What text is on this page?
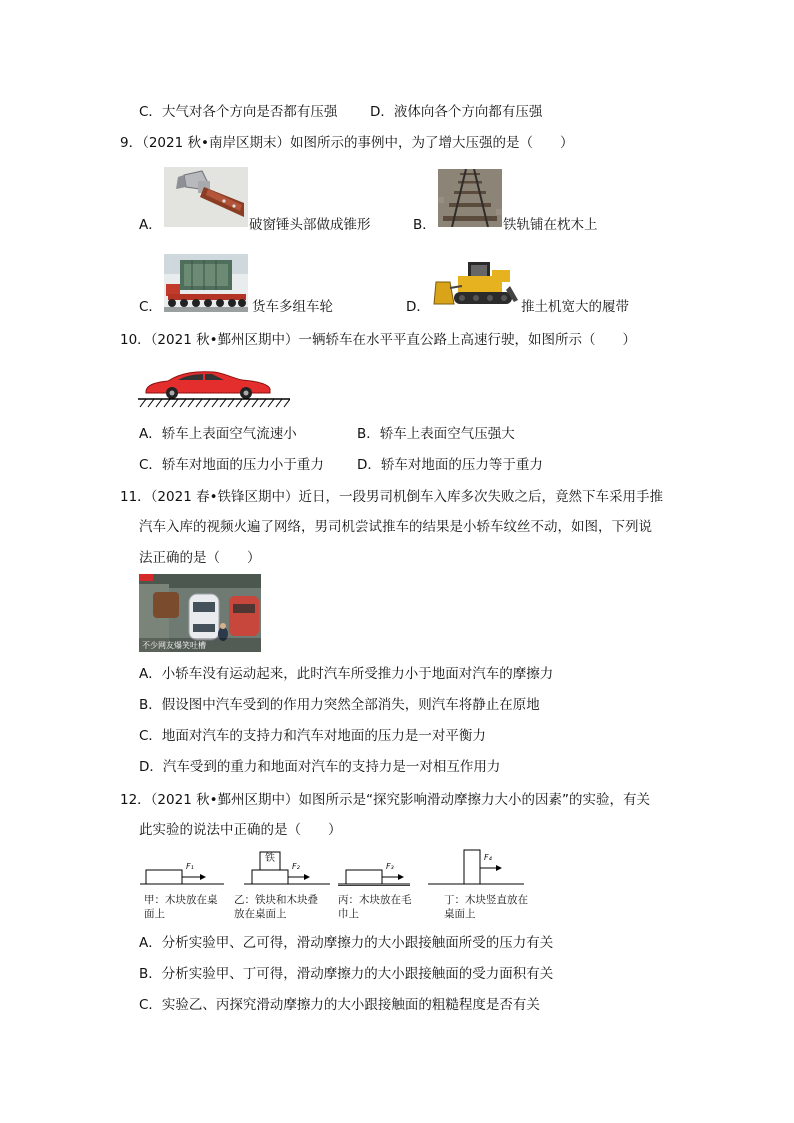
C．大气对各个方向是否都有压强 D．液体向各个方向都有压强
9．（2021 秋•南岸区期末）如图所示的事例中，为了增大压强的是（　　）
A．	破窗锤头部做成锥形	B．	铁轨铺在枕木上
C．	货车多组车轮	D．	推土机宽大的履带
10．（2021 秋•鄞州区期中）一辆轿车在水平平直公路上高速行驶，如图所示（　　）
A．轿车上表面空气流速小	B．轿车上表面空气压强大
C．轿车对地面的压力小于重力 D．轿车对地面的压力等于重力
11．（2021 春•铁锋区期中）近日，一段男司机倒车入库多次失败之后，竟然下车采用手推
汽车入库的视频火遍了网络，男司机尝试推车的结果是小轿车纹丝不动，如图，下列说
法正确的是（　　）
不少网友爆笑吐槽
A．小轿车没有运动起来，此时汽车所受推力小于地面对汽车的摩擦力
B．假设图中汽车受到的作用力突然全部消失，则汽车将静止在原地
C．地面对汽车的支持力和汽车对地面的压力是一对平衡力
D．汽车受到的重力和地面对汽车的支持力是一对相互作用力
12．（2021 秋•鄞州区期中）如图所示是“探究影响滑动摩擦力大小的因素”的实验，有关
此实验的说法中正确的是（　　）
铁
F₁	F₂	F₃
F₄
甲：木块放在桌
面上
乙：铁块和木块叠
放在桌面上
丙：木块放在毛
巾上
丁：木块竖直放在
桌面上
A．分析实验甲、乙可得，滑动摩擦力的大小跟接触面所受的压力有关
B．分析实验甲、丁可得，滑动摩擦力的大小跟接触面的受力面积有关
C．实验乙、丙探究滑动摩擦力的大小跟接触面的粗糙程度是否有关
